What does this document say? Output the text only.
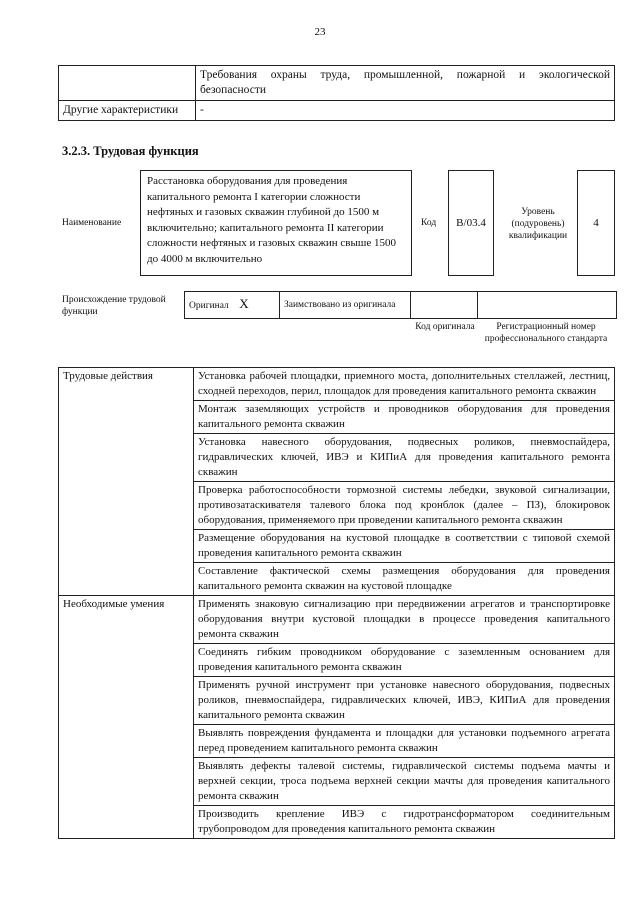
23
	Требования охраны труда, промышленной, пожарной и экологической безопасности
Другие характеристики	-
3.2.3. Трудовая функция
Наименование
Расстановка оборудования для проведения капитального ремонта I категории сложности нефтяных и газовых скважин глубиной до 1500 м включительно; капитального ремонта II категории сложности нефтяных и газовых скважин свыше 1500 до 4000 м включительно
Код B/03.4
Уровень (подуровень) квалификации
4
Происхождение трудовой функции
Оригинал X	Заимствовано из оригинала		
Код оригинала	Регистрационный номер профессионального стандарта
Трудовые действия	Установка рабочей площадки, приемного моста, дополнительных стеллажей, лестниц, сходней переходов, перил, площадок для проведения капитального ремонта скважин
	Монтаж заземляющих устройств и проводников оборудования для проведения капитального ремонта скважин
	Установка навесного оборудования, подвесных роликов, пневмоспайдера, гидравлических ключей, ИВЭ и КИПиА для проведения капитального ремонта скважин
	Проверка работоспособности тормозной системы лебедки, звуковой сигнализации, противозатаскивателя талевого блока под кронблок (далее – ПЗ), блокировок оборудования, применяемого при проведении капитального ремонта скважин
	Размещение оборудования на кустовой площадке в соответствии с типовой схемой проведения капитального ремонта скважин
	Составление фактической схемы размещения оборудования для проведения капитального ремонта скважин на кустовой площадке
Необходимые умения	Применять знаковую сигнализацию при передвижении агрегатов и транспортировке оборудования внутри кустовой площадки в процессе проведения капитального ремонта скважин
	Соединять гибким проводником оборудование с заземленным основанием для проведения капитального ремонта скважин
	Применять ручной инструмент при установке навесного оборудования, подвесных роликов, пневмоспайдера, гидравлических ключей, ИВЭ, КИПиА для проведения капитального ремонта скважин
	Выявлять повреждения фундамента и площадки для установки подъемного агрегата перед проведением капитального ремонта скважин
	Выявлять дефекты талевой системы, гидравлической системы подъема мачты и верхней секции, троса подъема верхней секции мачты для проведения капитального ремонта скважин
	Производить крепление ИВЭ с гидротрансформатором соединительным трубопроводом для проведения капитального ремонта скважин
